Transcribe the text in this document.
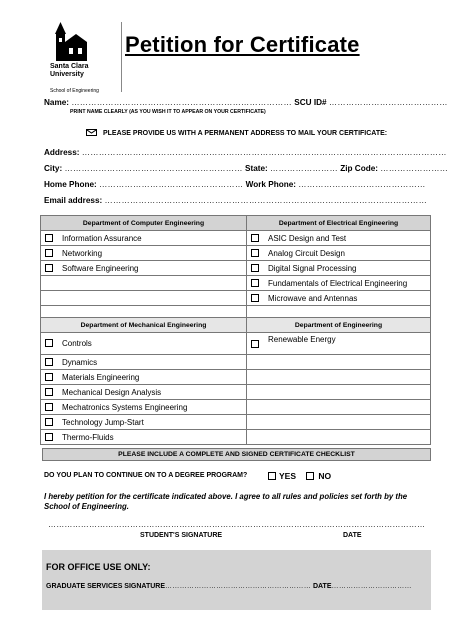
Santa Clara
University
School of Engineering
Petition for Certificate
Name: …………………………………………………………………… SCU ID# ……………………………………
PRINT NAME CLEARLY (AS YOU WISH IT TO APPEAR ON YOUR CERTIFICATE)
PLEASE PROVIDE US WITH A PERMANENT ADDRESS TO MAIL YOUR CERTIFICATE:
Address: …………………………………………………………………………………………………………………
City: ……………………………………………………… State: …………………… Zip Code: ……………………
Home Phone: …………………………………………… Work Phone: ………………………………………
Email address: ……………………………………………………………………………………………………
Department of Computer Engineering	Department of Electrical Engineering
Information Assurance	ASIC Design and Test
Networking	Analog Circuit Design
Software Engineering	Digital Signal Processing
	Fundamentals of Electrical Engineering
	Microwave and Antennas

Department of Mechanical Engineering	Department of Engineering
Controls	Renewable Energy
Dynamics	
Materials Engineering	
Mechanical Design Analysis	
Mechatronics Systems Engineering	
Technology Jump-Start	
Thermo-Fluids	
PLEASE INCLUDE A COMPLETE AND SIGNED CERTIFICATE CHECKLIST
DO YOU PLAN TO CONTINUE ON TO A DEGREE PROGRAM?	YES	NO
I hereby petition for the certificate indicated above. I agree to all rules and policies set forth by the School of Engineering.
…………………………………………………………………………………………………………………………
STUDENT'S SIGNATURE	DATE
FOR OFFICE USE ONLY:
GRADUATE SERVICES SIGNATURE…………………………………………………… DATE……………………………
